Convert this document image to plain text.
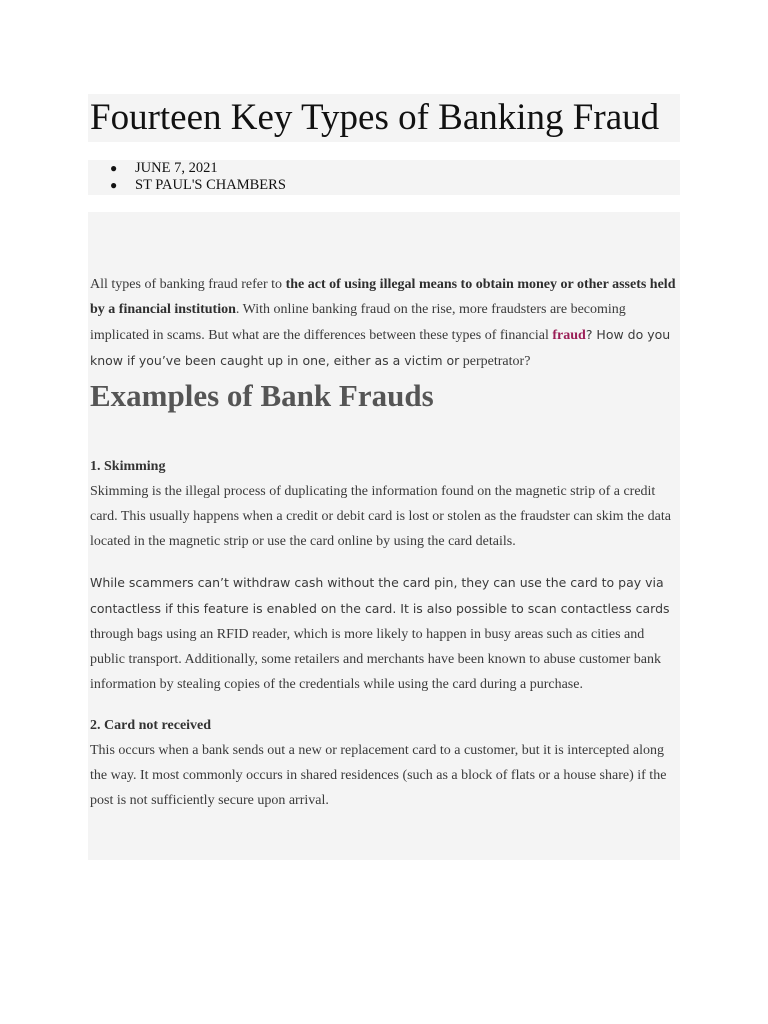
Fourteen Key Types of Banking Fraud
● JUNE 7, 2021
● ST PAUL'S CHAMBERS

All types of banking fraud refer to the act of using illegal means to obtain money or other assets held by a financial institution. With online banking fraud on the rise, more fraudsters are becoming implicated in scams. But what are the differences between these types of financial fraud? How do you know if you’ve been caught up in one, either as a victim or perpetrator?

Examples of Bank Frauds
1. Skimming

Skimming is the illegal process of duplicating the information found on the magnetic strip of a credit card. This usually happens when a credit or debit card is lost or stolen as the fraudster can skim the data located in the magnetic strip or use the card online by using the card details.

While scammers can’t withdraw cash without the card pin, they can use the card to pay via contactless if this feature is enabled on the card. It is also possible to scan contactless cards through bags using an RFID reader, which is more likely to happen in busy areas such as cities and public transport. Additionally, some retailers and merchants have been known to abuse customer bank information by stealing copies of the credentials while using the card during a purchase.

2. Card not received

This occurs when a bank sends out a new or replacement card to a customer, but it is intercepted along the way. It most commonly occurs in shared residences (such as a block of flats or a house share) if the post is not sufficiently secure upon arrival.
